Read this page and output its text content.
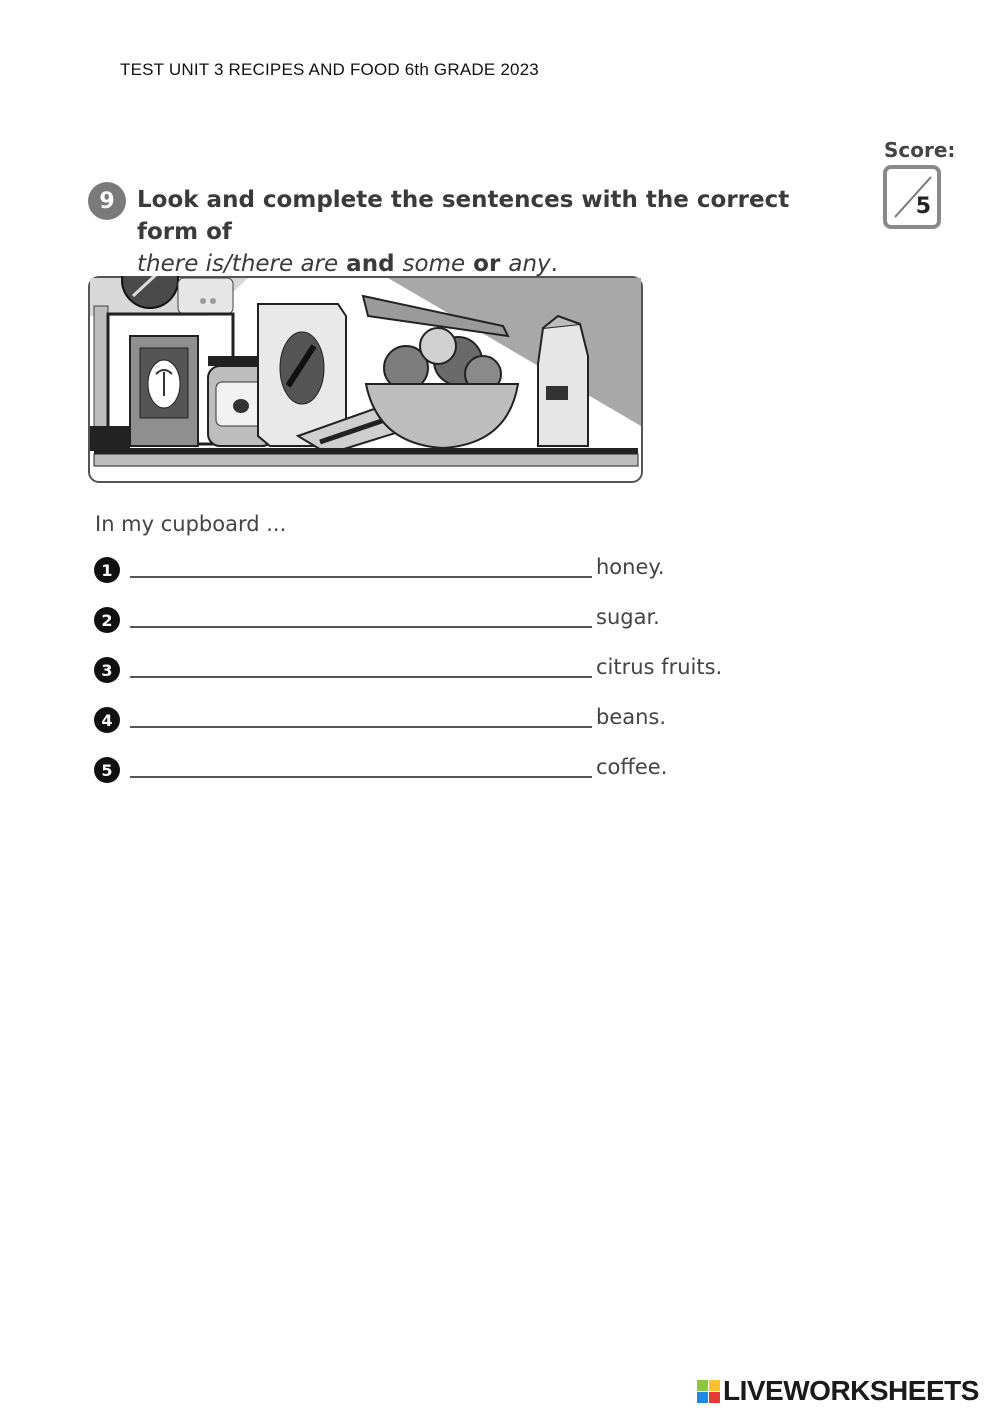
TEST UNIT 3 RECIPES AND FOOD 6th GRADE 2023
9 Look and complete the sentences with the correct form of
there is/there are and some or any.
Score:
5
In my cupboard ...
1	honey.
2	sugar.
3	citrus fruits.
4	beans.
5	coffee.
LIVEWORKSHEETS
